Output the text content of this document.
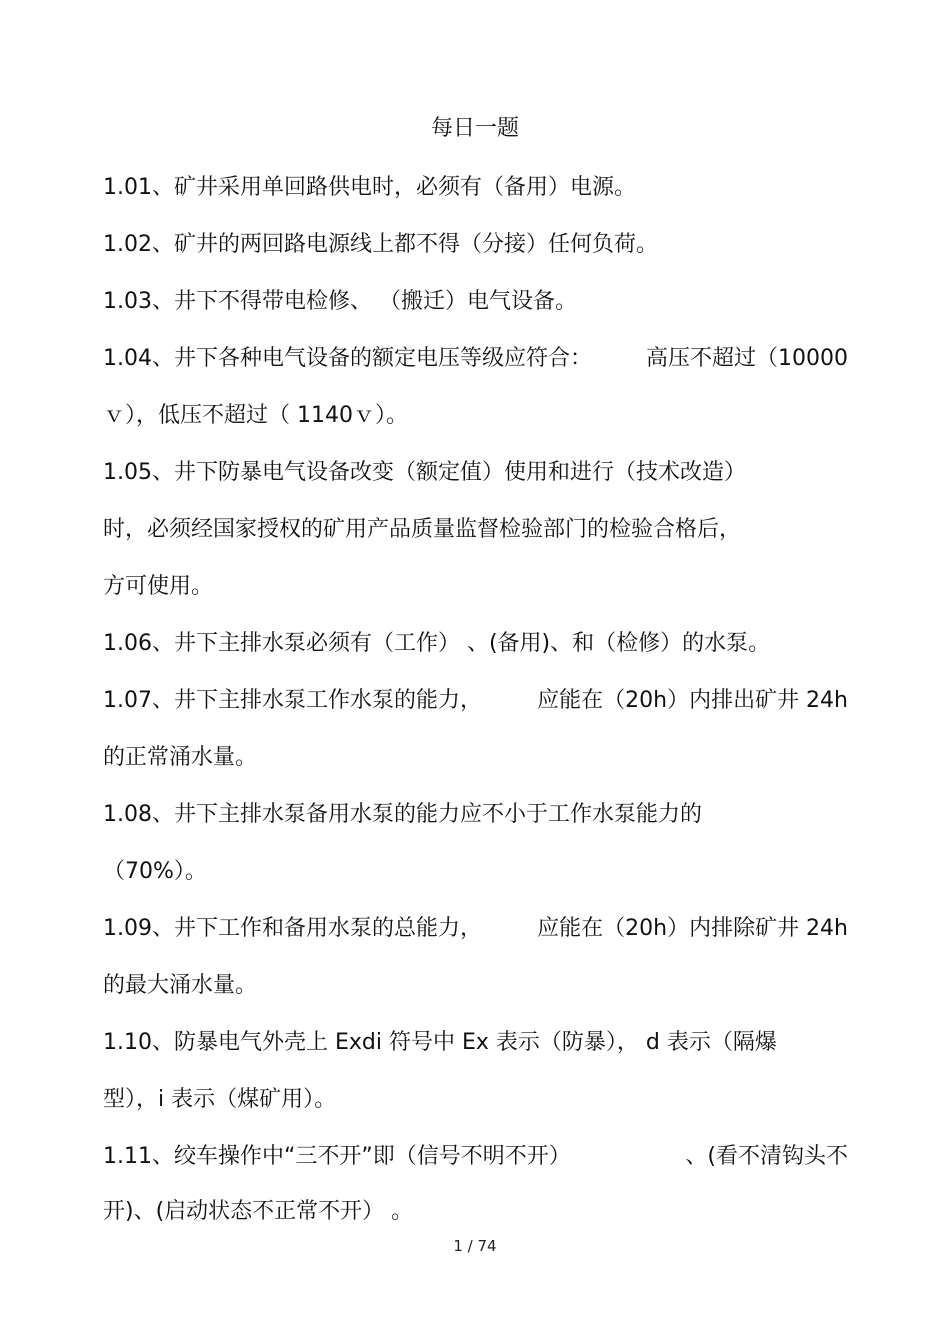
每日一题
1.01、矿井采用单回路供电时，必须有（备用）电源。
1.02、矿井的两回路电源线上都不得（分接）任何负荷。
1.03、井下不得带电检修、 （搬迁）电气设备。
1.04、井下各种电气设备的额定电压等级应符合： 高压不超过（10000
ｖ），低压不超过（ 1140ｖ）。
1.05、井下防暴电气设备改变（额定值）使用和进行（技术改造）
时，必须经国家授权的矿用产品质量监督检验部门的检验合格后，
方可使用。
1.06、井下主排水泵必须有（工作） 、(备用)、和（检修）的水泵。
1.07、井下主排水泵工作水泵的能力，	应能在（20h）内排出矿井 24h
的正常涌水量。
1.08、井下主排水泵备用水泵的能力应不小于工作水泵能力的
（70%）。
1.09、井下工作和备用水泵的总能力，	应能在（20h）内排除矿井 24h
的最大涌水量。
1.10、防暴电气外壳上 Exdi 符号中 Ex 表示（防暴）， d 表示（隔爆
型），i 表示（煤矿用）。
1.11、绞车操作中“三不开”即（信号不明不开）	、(看不清钩头不
开)、(启动状态不正常不开） 。
1 / 74
